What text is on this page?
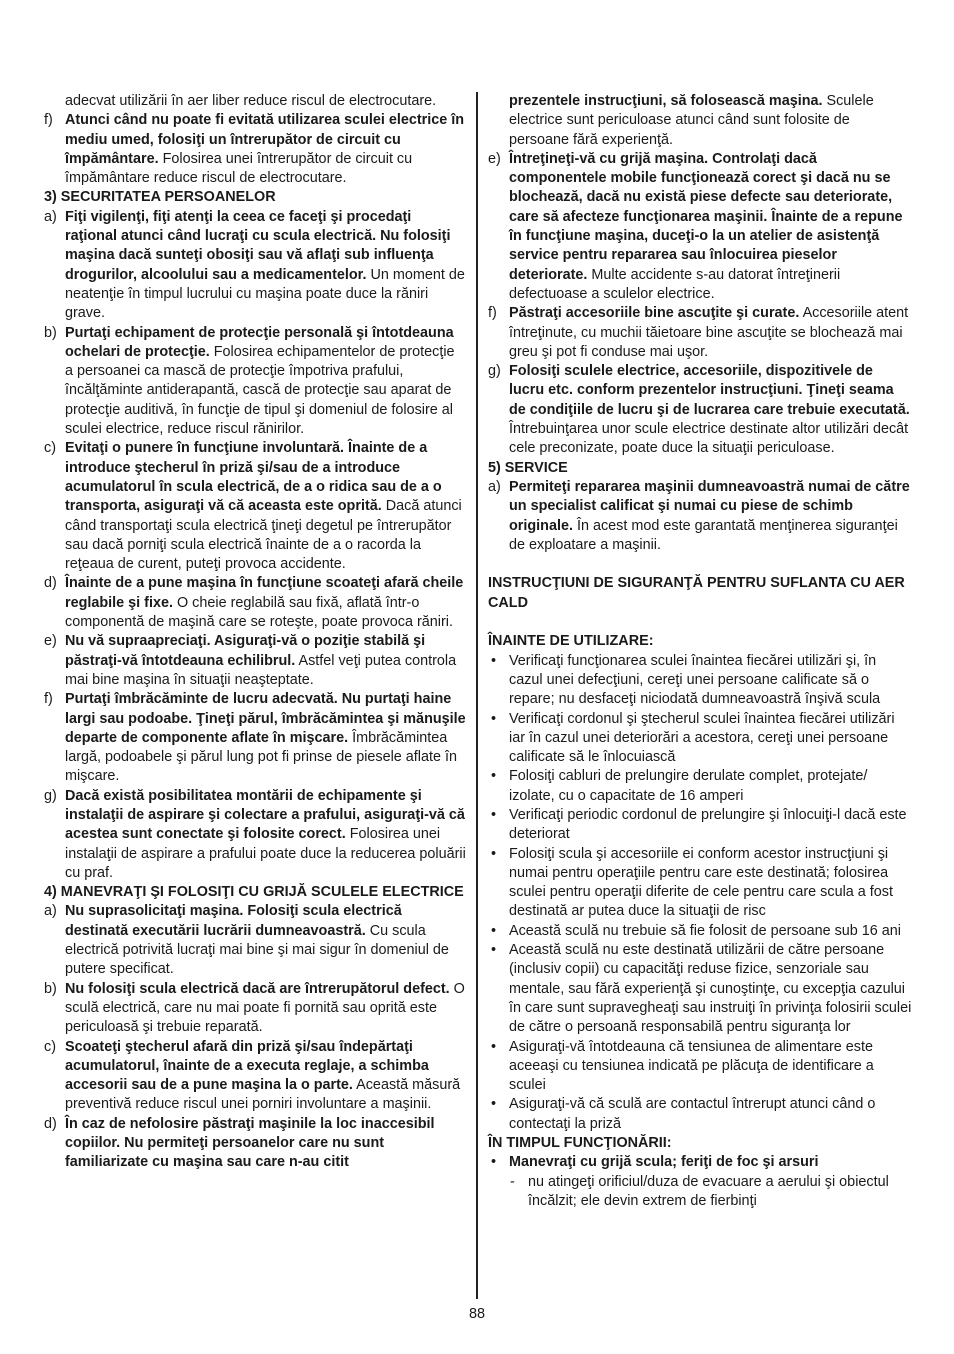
adecvat utilizării în aer liber reduce riscul de electrocutare.
f) Atunci când nu poate fi evitată utilizarea sculei electrice în mediu umed, folosiţi un întrerupător de circuit cu împământare. Folosirea unei întrerupător de circuit cu împământare reduce riscul de electrocutare.
3) SECURITATEA PERSOANELOR
a) Fiţi vigilenţi, fiţi atenţi la ceea ce faceţi şi procedaţi raţional atunci când lucraţi cu scula electrică. Nu folosiţi maşina dacă sunteţi obosiţi sau vă aflaţi sub influenţa drogurilor, alcoolului sau a medicamentelor. Un moment de neatenţie în timpul lucrului cu maşina poate duce la răniri grave.
b) Purtaţi echipament de protecţie personală şi întotdeauna ochelari de protecţie. Folosirea echipamentelor de protecţie a persoanei ca mască de protecţie împotriva prafului, încălţăminte antiderapantă, cască de protecţie sau aparat de protecţie auditivă, în funcţie de tipul şi domeniul de folosire al sculei electrice, reduce riscul rănirilor.
c) Evitaţi o punere în funcţiune involuntară. Înainte de a introduce ştecherul în priză şi/sau de a introduce acumulatorul în scula electrică, de a o ridica sau de a o transporta, asiguraţi vă că aceasta este oprită. Dacă atunci când transportaţi scula electrică ţineţi degetul pe întrerupător sau dacă porniţi scula electrică înainte de a o racorda la reţeaua de curent, puteţi provoca accidente.
d) Înainte de a pune maşina în funcţiune scoateţi afară cheile reglabile şi fixe. O cheie reglabilă sau fixă, aflată într-o componentă de maşină care se roteşte, poate provoca răniri.
e) Nu vă supraapreciaţi. Asiguraţi-vă o poziţie stabilă şi păstraţi-vă întotdeauna echilibrul. Astfel veţi putea controla mai bine maşina în situaţii neaşteptate.
f) Purtaţi îmbrăcăminte de lucru adecvată. Nu purtaţi haine largi sau podoabe. Ţineţi părul, îmbrăcămintea şi mănuşile departe de componente aflate în mişcare. Îmbrăcămintea largă, podoabele şi părul lung pot fi prinse de piesele aflate în mişcare.
g) Dacă există posibilitatea montării de echipamente şi instalaţii de aspirare şi colectare a prafului, asiguraţi-vă că acestea sunt conectate şi folosite corect. Folosirea unei instalaţii de aspirare a prafului poate duce la reducerea poluării cu praf.
4) MANEVRAŢI ŞI FOLOSIŢI CU GRIJĂ SCULELE ELECTRICE
a) Nu suprasolicitaţi maşina. Folosiţi scula electrică destinată executării lucrării dumneavoastră. Cu scula electrică potrivită lucraţi mai bine şi mai sigur în domeniul de putere specificat.
b) Nu folosiţi scula electrică dacă are întrerupătorul defect. O sculă electrică, care nu mai poate fi pornită sau oprită este periculoasă şi trebuie reparată.
c) Scoateţi ştecherul afară din priză şi/sau îndepărtaţi acumulatorul, înainte de a executa reglaje, a schimba accesorii sau de a pune maşina la o parte. Această măsură preventivă reduce riscul unei porniri involuntare a maşinii.
d) În caz de nefolosire păstraţi maşinile la loc inaccesibil copiilor. Nu permiteţi persoanelor care nu sunt familiarizate cu maşina sau care n-au citit
prezentele instrucţiuni, să folosească maşina. Sculele electrice sunt periculoase atunci când sunt folosite de persoane fără experienţă.
e) Întreţineţi-vă cu grijă maşina. Controlaţi dacă componentele mobile funcţionează corect şi dacă nu se blochează, dacă nu există piese defecte sau deteriorate, care să afecteze funcţionarea maşinii. Înainte de a repune în funcţiune maşina, duceţi-o la un atelier de asistenţă service pentru repararea sau înlocuirea pieselor deteriorate. Multe accidente s-au datorat întreţinerii defectuoase a sculelor electrice.
f) Păstraţi accesoriile bine ascuţite şi curate. Accesoriile atent întreţinute, cu muchii tăietoare bine ascuţite se blochează mai greu şi pot fi conduse mai uşor.
g) Folosiţi sculele electrice, accesoriile, dispozitivele de lucru etc. conform prezentelor instrucţiuni. Ţineţi seama de condiţiile de lucru şi de lucrarea care trebuie executată. Întrebuinţarea unor scule electrice destinate altor utilizări decât cele preconizate, poate duce la situaţii periculoase.
5) SERVICE
a) Permiteţi repararea maşinii dumneavoastră numai de către un specialist calificat şi numai cu piese de schimb originale. În acest mod este garantată menţinerea siguranţei de exploatare a maşinii.
INSTRUCŢIUNI DE SIGURANŢĂ PENTRU SUFLANTA CU AER CALD
ÎNAINTE DE UTILIZARE:
• Verificaţi funcţionarea sculei înaintea fiecărei utilizări şi, în cazul unei defecţiuni, cereţi unei persoane calificate să o repare; nu desfaceţi niciodată dumneavoastră înşivă scula
• Verificaţi cordonul şi ştecherul sculei înaintea fiecărei utilizări iar în cazul unei deteriorări a acestora, cereţi unei persoane calificate să le înlocuiască
• Folosiţi cabluri de prelungire derulate complet, protejate/ izolate, cu o capacitate de 16 amperi
• Verificaţi periodic cordonul de prelungire şi înlocuiţi-l dacă este deteriorat
• Folosiţi scula şi accesoriile ei conform acestor instrucţiuni şi numai pentru operaţiile pentru care este destinată; folosirea sculei pentru operaţii diferite de cele pentru care scula a fost destinată ar putea duce la situaţii de risc
• Această sculă nu trebuie să fie folosit de persoane sub 16 ani
• Această sculă nu este destinată utilizării de către persoane (inclusiv copii) cu capacităţi reduse fizice, senzoriale sau mentale, sau fără experienţă şi cunoştinţe, cu excepţia cazului în care sunt supravegheaţi sau instruiţi în privinţa folosirii sculei de către o persoană responsabilă pentru siguranţa lor
• Asiguraţi-vă întotdeauna că tensiunea de alimentare este aceeaşi cu tensiunea indicată pe plăcuţa de identificare a sculei
• Asiguraţi-vă că sculă are contactul întrerupt atunci când o contectaţi la priză
ÎN TIMPUL FUNCŢIONĂRII:
• Manevraţi cu grijă scula; feriţi de foc şi arsuri
- nu atingeţi orificiul/duza de evacuare a aerului şi obiectul încălzit; ele devin extrem de fierbinţi
88
